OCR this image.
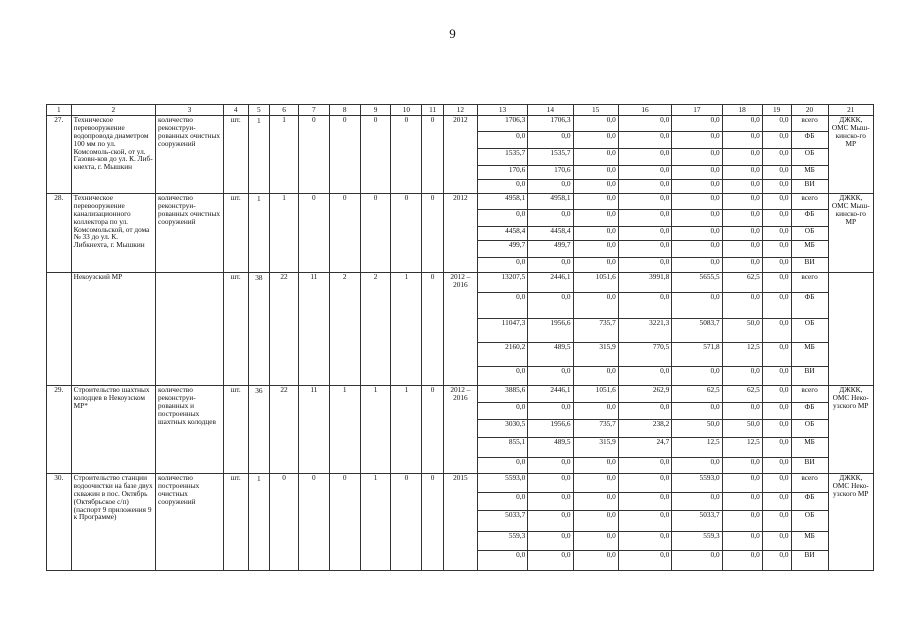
9
1	2	3	4	5	6	7	8	9	10	11	12	13	14	15	16	17	18	19	20	21
27.	Техническое перевооружение водопровода диаметром 100 мм по ул. Комсомоль-ской, от ул. Газовн-ков до ул. К. Либ-кнехта, г. Мышкин	количество реконструи-рованных очистных сооружений	шт.	1	1	0	0	0	0	0	2012	1706,3	1706,3	0,0	0,0	0,0	0,0	0,0	всего	ДЖКК, ОМС Мыш-кинско-го МР
												0,0	0,0	0,0	0,0	0,0	0,0	0,0	ФБ	
												1535,7	1535,7	0,0	0,0	0,0	0,0	0,0	ОБ	
												170,6	170,6	0,0	0,0	0,0	0,0	0,0	МБ	
												0,0	0,0	0,0	0,0	0,0	0,0	0,0	ВИ	
28.	Техническое перевооружение канализационного коллектора по ул. Комсомольской, от дома № 33 до ул. К. Либкнехта, г. Мышкин	количество реконструи-рованных очистных сооружений	шт.	1	1	0	0	0	0	0	2012	4958,1	4958,1	0,0	0,0	0,0	0,0	0,0	всего	ДЖКК, ОМС Мыш-кинско-го МР
												0,0	0,0	0,0	0,0	0,0	0,0	0,0	ФБ	
												4458,4	4458,4	0,0	0,0	0,0	0,0	0,0	ОБ	
												499,7	499,7	0,0	0,0	0,0	0,0	0,0	МБ	
												0,0	0,0	0,0	0,0	0,0	0,0	0,0	ВИ	
	Некоузский МР		шт.	38	22	11	2	2	1	0	2012 – 2016	13207,5	2446,1	1051,6	3991,8	5655,5	62,5	0,0	всего	
												0,0	0,0	0,0	0,0	0,0	0,0	0,0	ФБ	
												11047,3	1956,6	735,7	3221,3	5083,7	50,0	0,0	ОБ	
												2160,2	489,5	315,9	770,5	571,8	12,5	0,0	МБ	
												0,0	0,0	0,0	0,0	0,0	0,0	0,0	ВИ	
29.	Строительство шахтных колодцев в Некоузском МР*	количество реконструи-рованных и построенных шахтных колодцев	шт.	36	22	11	1	1	1	0	2012 – 2016	3885,6	2446,1	1051,6	262,9	62,5	62,5	0,0	всего	ДЖКК, ОМС Неко-узского МР
												0,0	0,0	0,0	0,0	0,0	0,0	0,0	ФБ	
												3030,5	1956,6	735,7	238,2	50,0	50,0	0,0	ОБ	
												855,1	489,5	315,9	24,7	12,5	12,5	0,0	МБ	
												0,0	0,0	0,0	0,0	0,0	0,0	0,0	ВИ	
30.	Строительство станции водоочистки на базе двух скважин в пос. Октябрь (Октябрьское с/п) (паспорт 9 приложения 9 к Программе)	количество построенных очистных сооружений	шт.	1	0	0	0	1	0	0	2015	5593,0	0,0	0,0	0,0	5593,0	0,0	0,0	всего	ДЖКК, ОМС Неко-узского МР
												0,0	0,0	0,0	0,0	0,0	0,0	0,0	ФБ	
												5033,7	0,0	0,0	0,0	5033,7	0,0	0,0	ОБ	
												559,3	0,0	0,0	0,0	559,3	0,0	0,0	МБ	
												0,0	0,0	0,0	0,0	0,0	0,0	0,0	ВИ	
